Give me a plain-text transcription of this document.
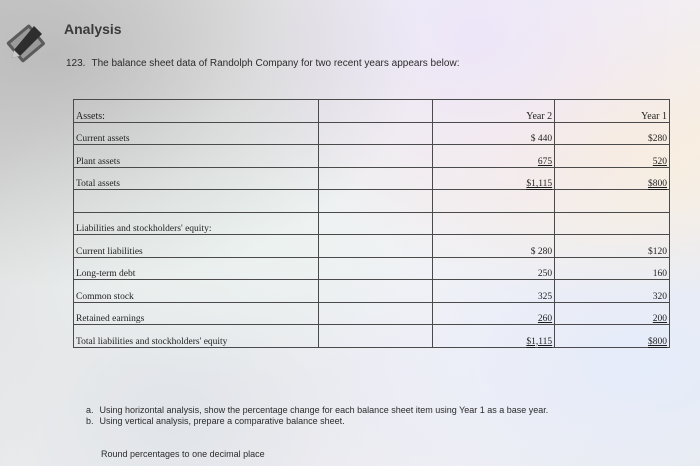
Analysis
123. The balance sheet data of Randolph Company for two recent years appears below:
Assets:		Year 2	Year 1
Current assets		$ 440	$280
Plant assets		675	520
Total assets		$1,115	$800

Liabilities and stockholders' equity:			
Current liabilities		$ 280	$120
Long-term debt		250	160
Common stock		325	320
Retained earnings		260	200
Total liabilities and stockholders' equity		$1,115	$800
a. Using horizontal analysis, show the percentage change for each balance sheet item using Year 1 as a base year.
b. Using vertical analysis, prepare a comparative balance sheet.
Round percentages to one decimal place
